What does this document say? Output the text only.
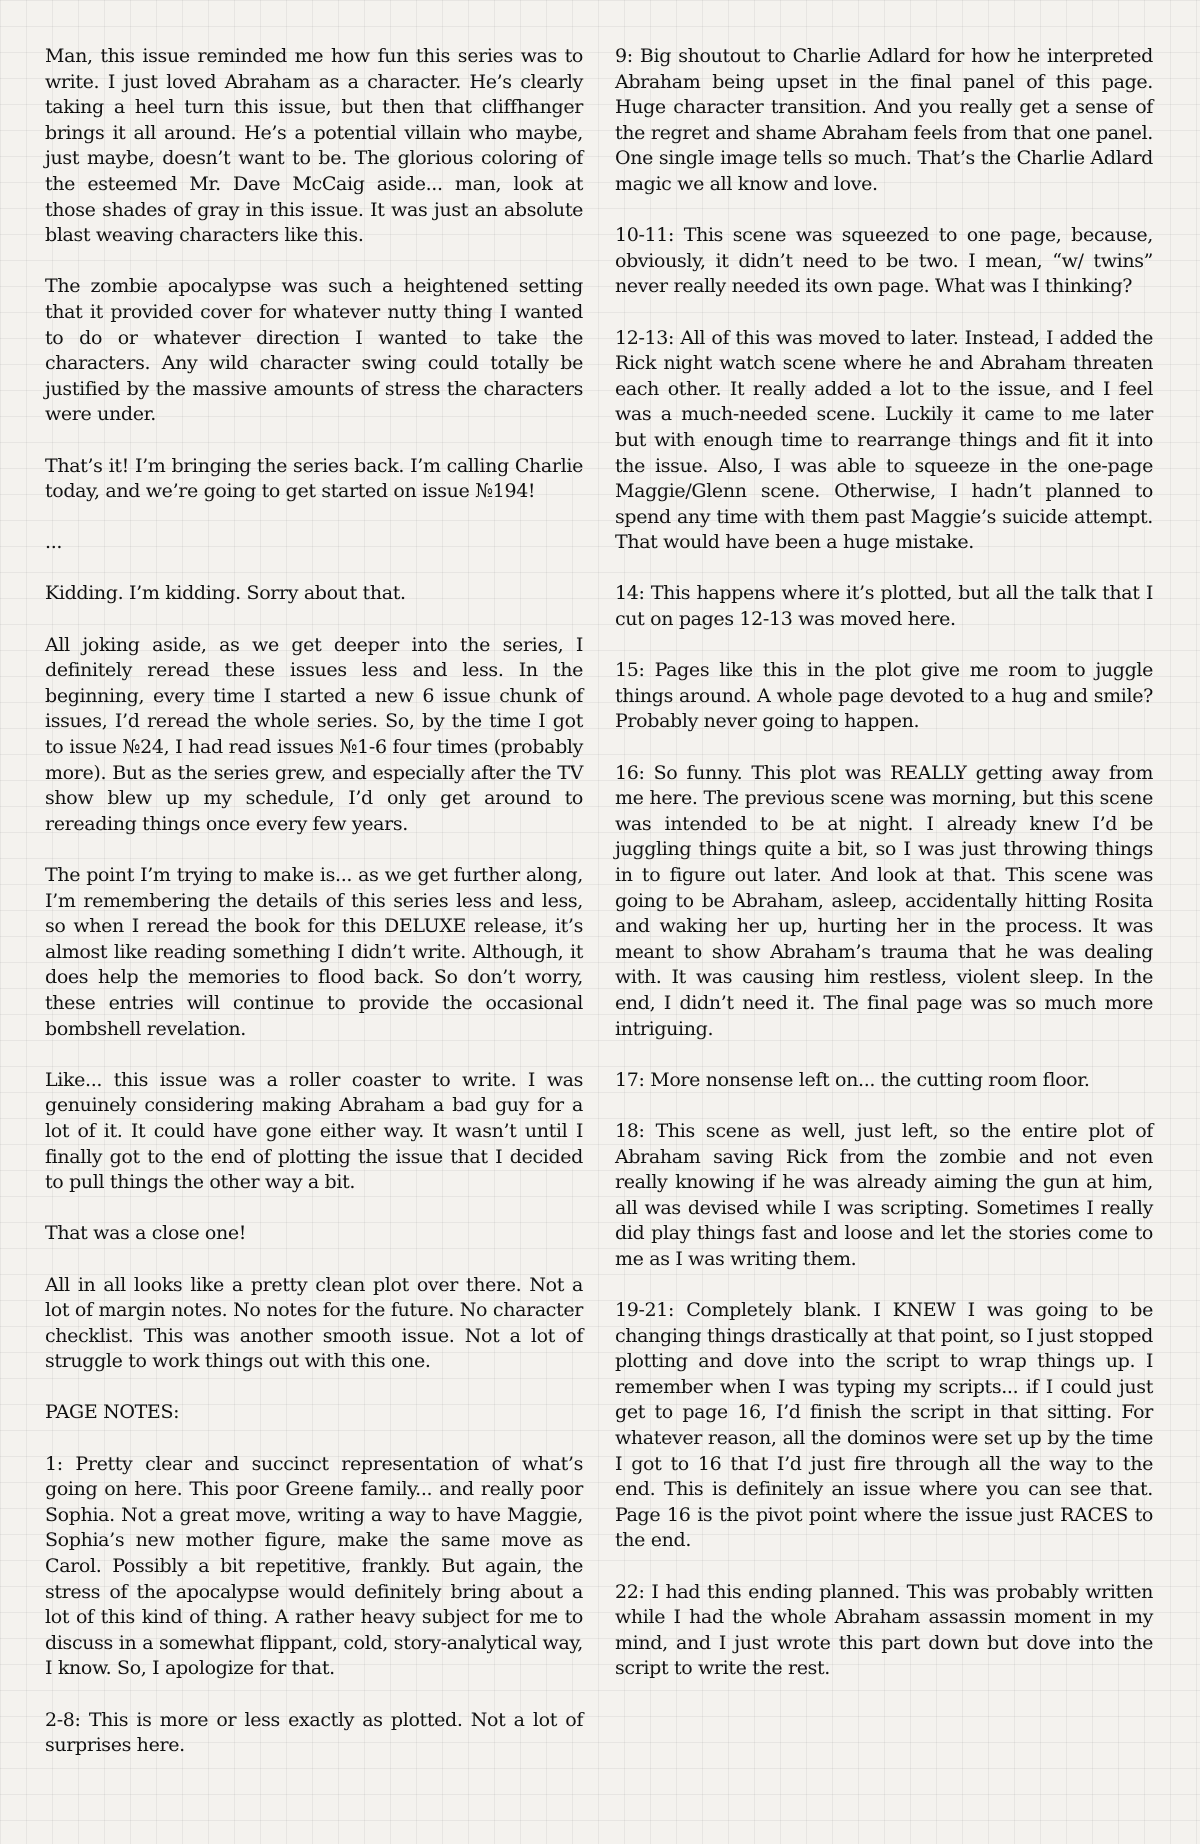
Man, this issue reminded me how fun this series was to write. I just loved Abraham as a character. He’s clearly taking a heel turn this issue, but then that cliffhanger brings it all around. He’s a potential villain who maybe, just maybe, doesn’t want to be. The glorious coloring of the esteemed Mr. Dave McCaig aside... man, look at those shades of gray in this issue. It was just an absolute blast weaving characters like this.

The zombie apocalypse was such a heightened setting that it provided cover for whatever nutty thing I wanted to do or whatever direction I wanted to take the characters. Any wild character swing could totally be justified by the massive amounts of stress the characters were under.

That’s it! I’m bringing the series back. I’m calling Charlie today, and we’re going to get started on issue №194!

...

Kidding. I’m kidding. Sorry about that.

All joking aside, as we get deeper into the series, I definitely reread these issues less and less. In the beginning, every time I started a new 6 issue chunk of issues, I’d reread the whole series. So, by the time I got to issue №24, I had read issues №1-6 four times (probably more). But as the series grew, and especially after the TV show blew up my schedule, I’d only get around to rereading things once every few years.

The point I’m trying to make is... as we get further along, I’m remembering the details of this series less and less, so when I reread the book for this DELUXE release, it’s almost like reading something I didn’t write. Although, it does help the memories to flood back. So don’t worry, these entries will continue to provide the occasional bombshell revelation.

Like... this issue was a roller coaster to write. I was genuinely considering making Abraham a bad guy for a lot of it. It could have gone either way. It wasn’t until I finally got to the end of plotting the issue that I decided to pull things the other way a bit.

That was a close one!

All in all looks like a pretty clean plot over there. Not a lot of margin notes. No notes for the future. No character checklist. This was another smooth issue. Not a lot of struggle to work things out with this one.

PAGE NOTES:

1: Pretty clear and succinct representation of what’s going on here. This poor Greene family... and really poor Sophia. Not a great move, writing a way to have Maggie, Sophia’s new mother figure, make the same move as Carol. Possibly a bit repetitive, frankly. But again, the stress of the apocalypse would definitely bring about a lot of this kind of thing. A rather heavy subject for me to discuss in a somewhat flippant, cold, story-analytical way, I know. So, I apologize for that.

2-8: This is more or less exactly as plotted. Not a lot of surprises here.

9: Big shoutout to Charlie Adlard for how he interpreted Abraham being upset in the final panel of this page. Huge character transition. And you really get a sense of the regret and shame Abraham feels from that one panel. One single image tells so much. That’s the Charlie Adlard magic we all know and love.

10-11: This scene was squeezed to one page, because, obviously, it didn’t need to be two. I mean, “w/ twins” never really needed its own page. What was I thinking?

12-13: All of this was moved to later. Instead, I added the Rick night watch scene where he and Abraham threaten each other. It really added a lot to the issue, and I feel was a much-needed scene. Luckily it came to me later but with enough time to rearrange things and fit it into the issue. Also, I was able to squeeze in the one-page Maggie/Glenn scene. Otherwise, I hadn’t planned to spend any time with them past Maggie’s suicide attempt. That would have been a huge mistake.

14: This happens where it’s plotted, but all the talk that I cut on pages 12-13 was moved here.

15: Pages like this in the plot give me room to juggle things around. A whole page devoted to a hug and smile? Probably never going to happen.

16: So funny. This plot was REALLY getting away from me here. The previous scene was morning, but this scene was intended to be at night. I already knew I’d be juggling things quite a bit, so I was just throwing things in to figure out later. And look at that. This scene was going to be Abraham, asleep, accidentally hitting Rosita and waking her up, hurting her in the process. It was meant to show Abraham’s trauma that he was dealing with. It was causing him restless, violent sleep. In the end, I didn’t need it. The final page was so much more intriguing.

17: More nonsense left on... the cutting room floor.

18: This scene as well, just left, so the entire plot of Abraham saving Rick from the zombie and not even really knowing if he was already aiming the gun at him, all was devised while I was scripting. Sometimes I really did play things fast and loose and let the stories come to me as I was writing them.

19-21: Completely blank. I KNEW I was going to be changing things drastically at that point, so I just stopped plotting and dove into the script to wrap things up. I remember when I was typing my scripts... if I could just get to page 16, I’d finish the script in that sitting. For whatever reason, all the dominos were set up by the time I got to 16 that I’d just fire through all the way to the end. This is definitely an issue where you can see that. Page 16 is the pivot point where the issue just RACES to the end.

22: I had this ending planned. This was probably written while I had the whole Abraham assassin moment in my mind, and I just wrote this part down but dove into the script to write the rest.
